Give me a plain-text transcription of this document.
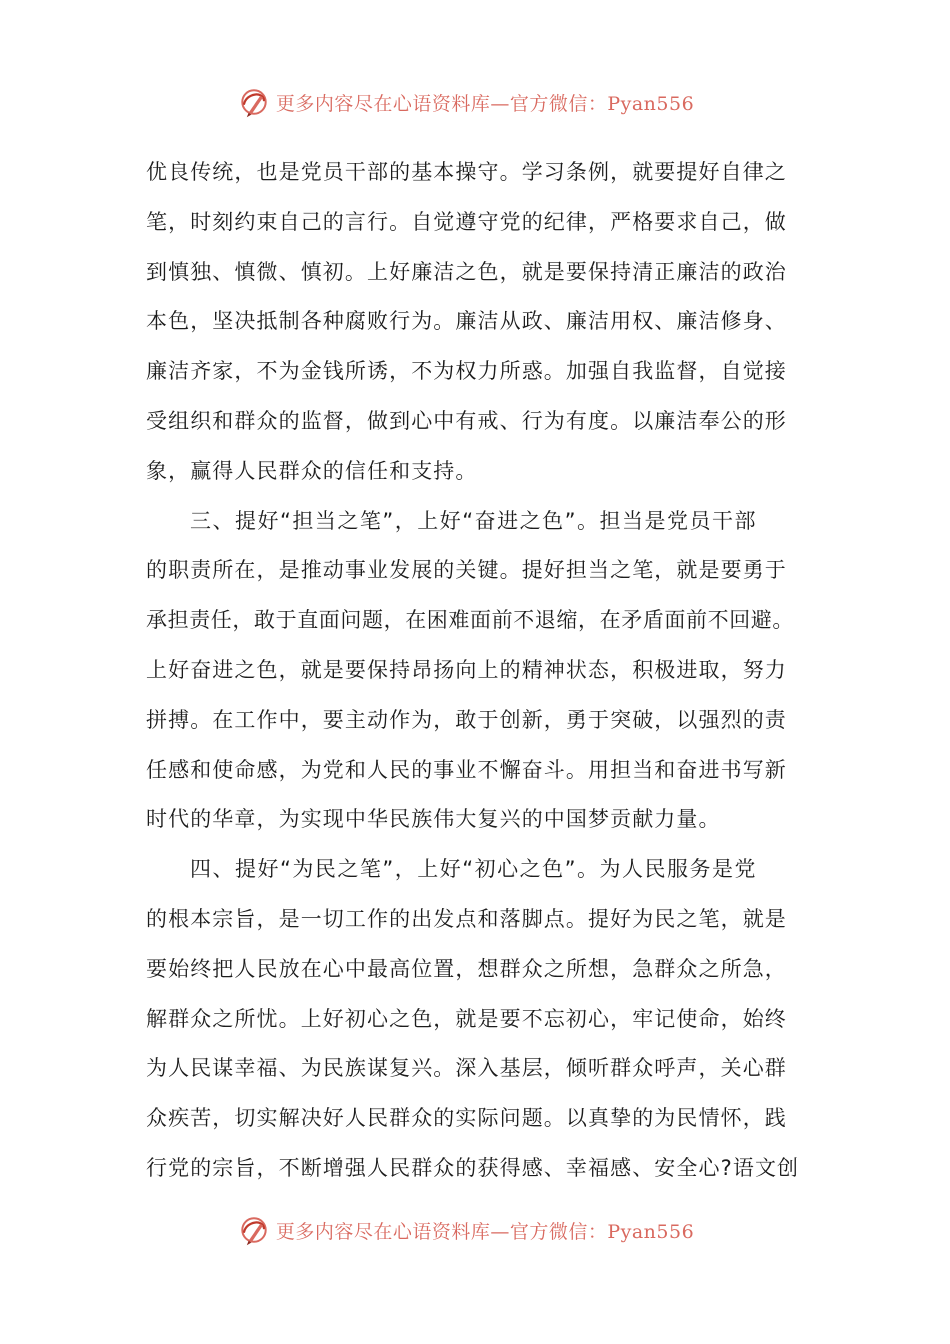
更多内容尽在心语资料库—官方微信：Pyan556
优良传统，也是党员干部的基本操守。学习条例，就要提好自律之
笔，时刻约束自己的言行。自觉遵守党的纪律，严格要求自己，做
到慎独、慎微、慎初。上好廉洁之色，就是要保持清正廉洁的政治
本色，坚决抵制各种腐败行为。廉洁从政、廉洁用权、廉洁修身、
廉洁齐家，不为金钱所诱，不为权力所惑。加强自我监督，自觉接
受组织和群众的监督，做到心中有戒、行为有度。以廉洁奉公的形
象，赢得人民群众的信任和支持。
三、提好“担当之笔”，上好“奋进之色”。担当是党员干部
的职责所在，是推动事业发展的关键。提好担当之笔，就是要勇于
承担责任，敢于直面问题，在困难面前不退缩，在矛盾面前不回避。
上好奋进之色，就是要保持昂扬向上的精神状态，积极进取，努力
拼搏。在工作中，要主动作为，敢于创新，勇于突破，以强烈的责
任感和使命感，为党和人民的事业不懈奋斗。用担当和奋进书写新
时代的华章，为实现中华民族伟大复兴的中国梦贡献力量。
四、提好“为民之笔”，上好“初心之色”。为人民服务是党
的根本宗旨，是一切工作的出发点和落脚点。提好为民之笔，就是
要始终把人民放在心中最高位置，想群众之所想，急群众之所急，
解群众之所忧。上好初心之色，就是要不忘初心，牢记使命，始终
为人民谋幸福、为民族谋复兴。深入基层，倾听群众呼声，关心群
众疾苦，切实解决好人民群众的实际问题。以真挚的为民情怀，践
行党的宗旨，不断增强人民群众的获得感、幸福感、安全心?语文创
更多内容尽在心语资料库—官方微信：Pyan556
